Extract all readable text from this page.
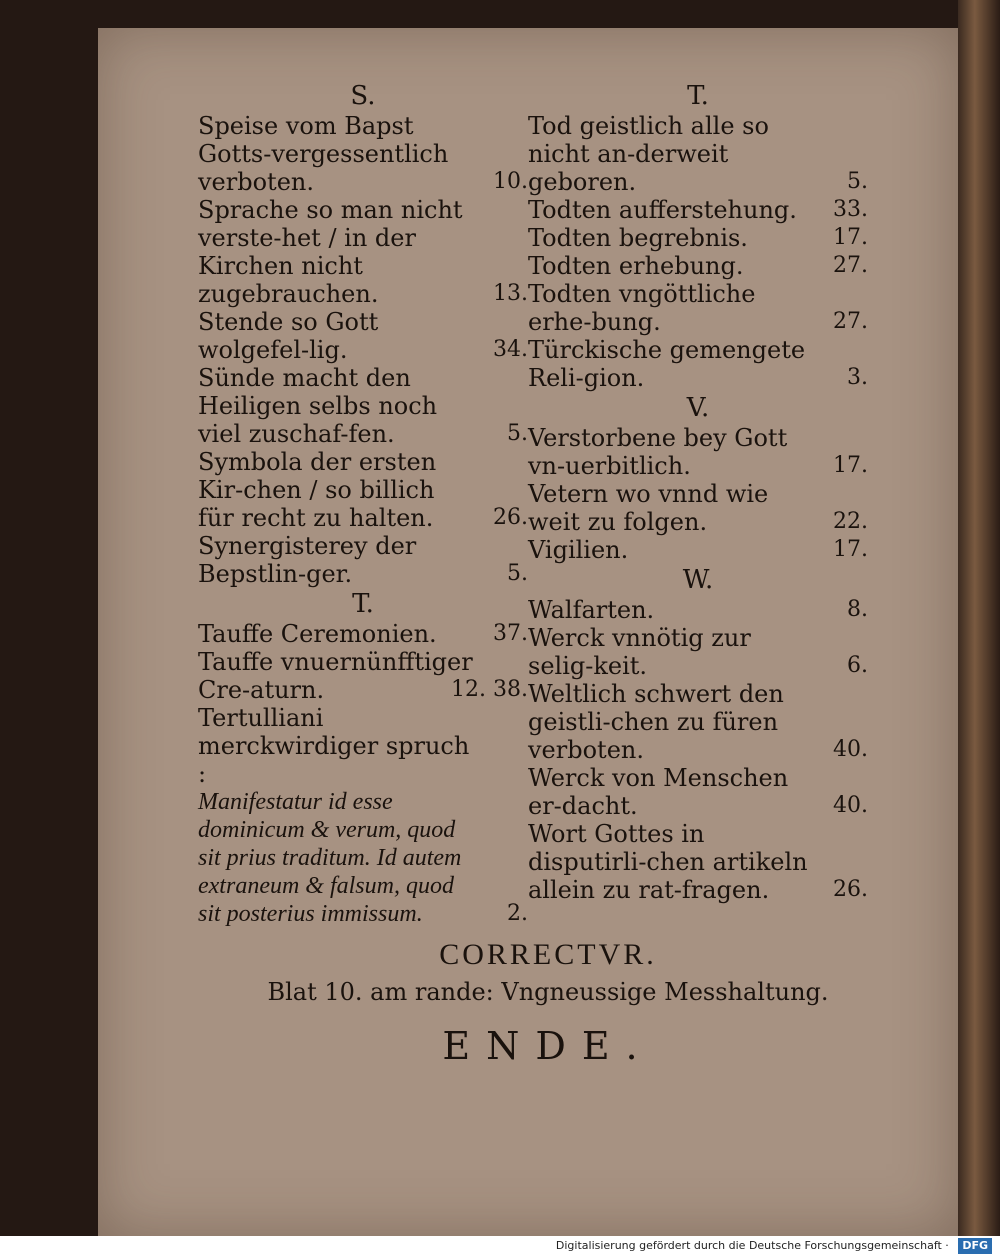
S.
Speise vom Bapst Gotts-vergessentlich verboten.	10.
Sprache so man nicht verste-het / in der Kirchen nicht zugebrauchen.	13.
Stende so Gott wolgefel-lig.	34.
Sünde macht den Heiligen selbs noch viel zuschaf-fen.	5.
Symbola der ersten Kir-chen / so billich für recht zu halten.	26.
Synergisterey der Bepstlin-ger.	5.
T.
Tauffe Ceremonien.	37.
Tauffe vnuernünfftiger Cre-aturn.	12. 38.
Tertulliani merckwirdiger spruch :
Manifestatur id esse dominicum & verum, quod sit prius traditum. Id autem extraneum & falsum, quod sit posterius immissum.	2.
T.
Tod geistlich alle so nicht an-derweit geboren.	5.
Todten aufferstehung.	33.
Todten begrebnis.	17.
Todten erhebung.	27.
Todten vngöttliche erhe-bung.	27.
Türckische gemengete Reli-gion.	3.
V.
Verstorbene bey Gott vn-uerbitlich.	17.
Vetern wo vnnd wie weit zu folgen.	22.
Vigilien.	17.
W.
Walfarten.	8.
Werck vnnötig zur selig-keit.	6.
Weltlich schwert den geistli-chen zu füren verboten.	40.
Werck von Menschen er-dacht.	40.
Wort Gottes in disputirli-chen artikeln allein zu rat-fragen.	26.
CORRECTVR.
Blat 10. am rande: Vngneussige Messhaltung.
ENDE.
Digitalisierung gefördert durch die Deutsche Forschungsgemeinschaft · DFG
